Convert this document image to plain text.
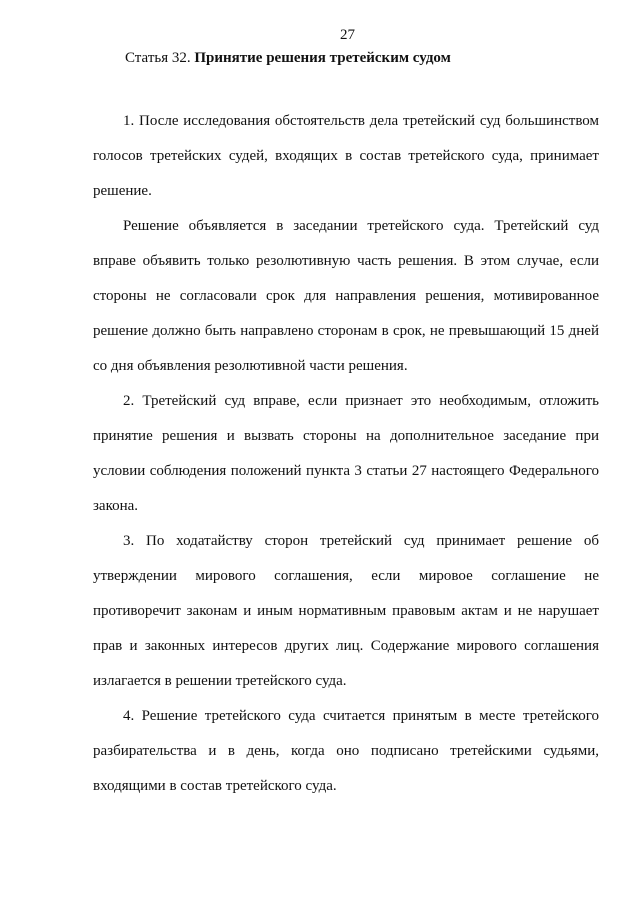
27
Статья 32. Принятие решения третейским судом

1. После исследования обстоятельств дела третейский суд большинством голосов третейских судей, входящих в состав третейского суда, принимает решение.

Решение объявляется в заседании третейского суда. Третейский суд вправе объявить только резолютивную часть решения. В этом случае, если стороны не согласовали срок для направления решения, мотивированное решение должно быть направлено сторонам в срок, не превышающий 15 дней со дня объявления резолютивной части решения.

2. Третейский суд вправе, если признает это необходимым, отложить принятие решения и вызвать стороны на дополнительное заседание при условии соблюдения положений пункта 3 статьи 27 настоящего Федерального закона.

3. По ходатайству сторон третейский суд принимает решение об утверждении мирового соглашения, если мировое соглашение не противоречит законам и иным нормативным правовым актам и не нарушает прав и законных интересов других лиц. Содержание мирового соглашения излагается в решении третейского суда.

4. Решение третейского суда считается принятым в месте третейского разбирательства и в день, когда оно подписано третейскими судьями, входящими в состав третейского суда.
